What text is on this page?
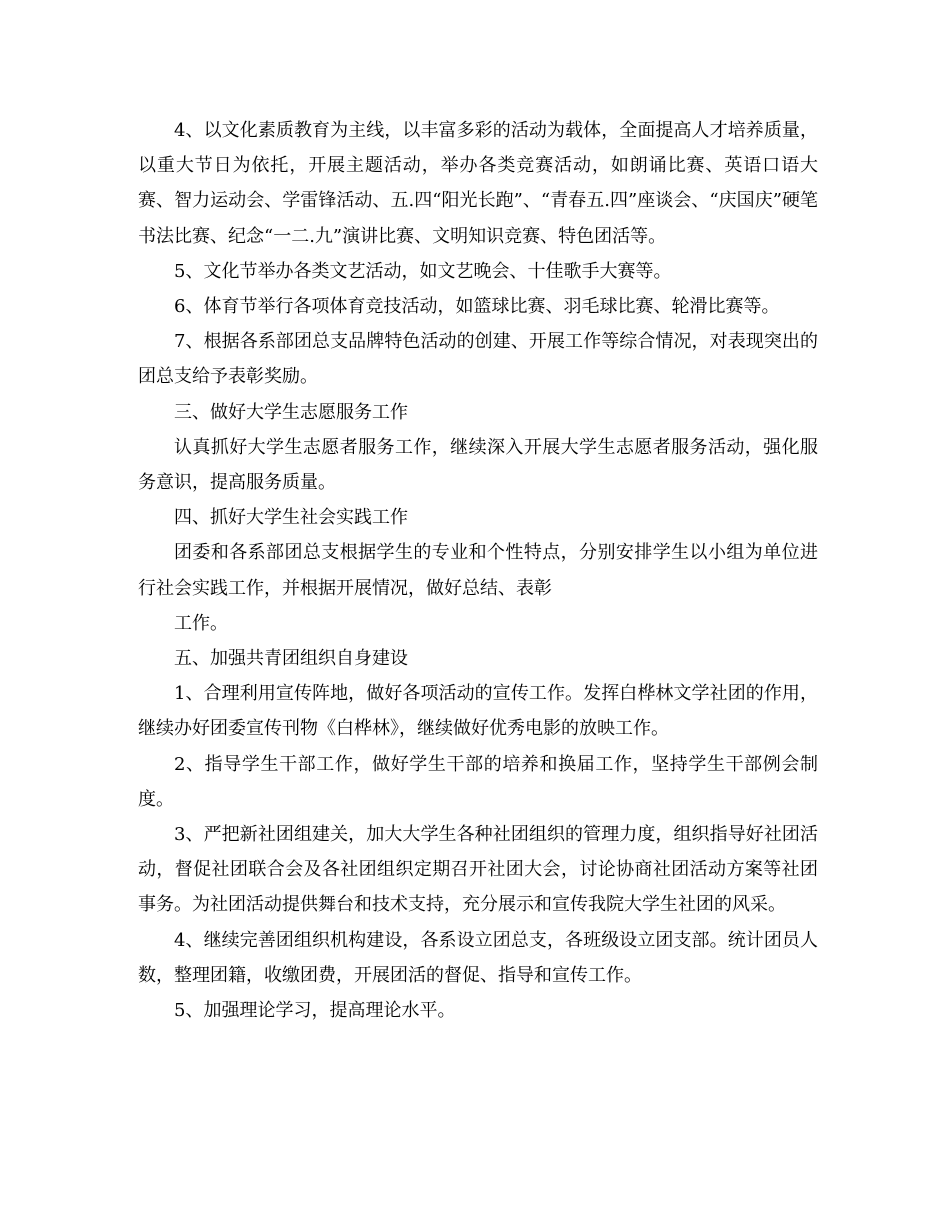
4、以文化素质教育为主线，以丰富多彩的活动为载体，全面提高人才培养质量，以重大节日为依托，开展主题活动，举办各类竞赛活动，如朗诵比赛、英语口语大赛、智力运动会、学雷锋活动、五.四“阳光长跑”、“青春五.四”座谈会、“庆国庆”硬笔书法比赛、纪念“一二.九”演讲比赛、文明知识竞赛、特色团活等。

5、文化节举办各类文艺活动，如文艺晚会、十佳歌手大赛等。

6、体育节举行各项体育竞技活动，如篮球比赛、羽毛球比赛、轮滑比赛等。

7、根据各系部团总支品牌特色活动的创建、开展工作等综合情况，对表现突出的团总支给予表彰奖励。

三、做好大学生志愿服务工作

认真抓好大学生志愿者服务工作，继续深入开展大学生志愿者服务活动，强化服务意识，提高服务质量。

四、抓好大学生社会实践工作

团委和各系部团总支根据学生的专业和个性特点，分别安排学生以小组为单位进行社会实践工作，并根据开展情况，做好总结、表彰

工作。

五、加强共青团组织自身建设

1、合理利用宣传阵地，做好各项活动的宣传工作。发挥白桦林文学社团的作用，继续办好团委宣传刊物《白桦林》，继续做好优秀电影的放映工作。

2、指导学生干部工作，做好学生干部的培养和换届工作，坚持学生干部例会制度。

3、严把新社团组建关，加大大学生各种社团组织的管理力度，组织指导好社团活动，督促社团联合会及各社团组织定期召开社团大会，讨论协商社团活动方案等社团事务。为社团活动提供舞台和技术支持，充分展示和宣传我院大学生社团的风采。

4、继续完善团组织机构建设，各系设立团总支，各班级设立团支部。统计团员人数，整理团籍，收缴团费，开展团活的督促、指导和宣传工作。

5、加强理论学习，提高理论水平。
